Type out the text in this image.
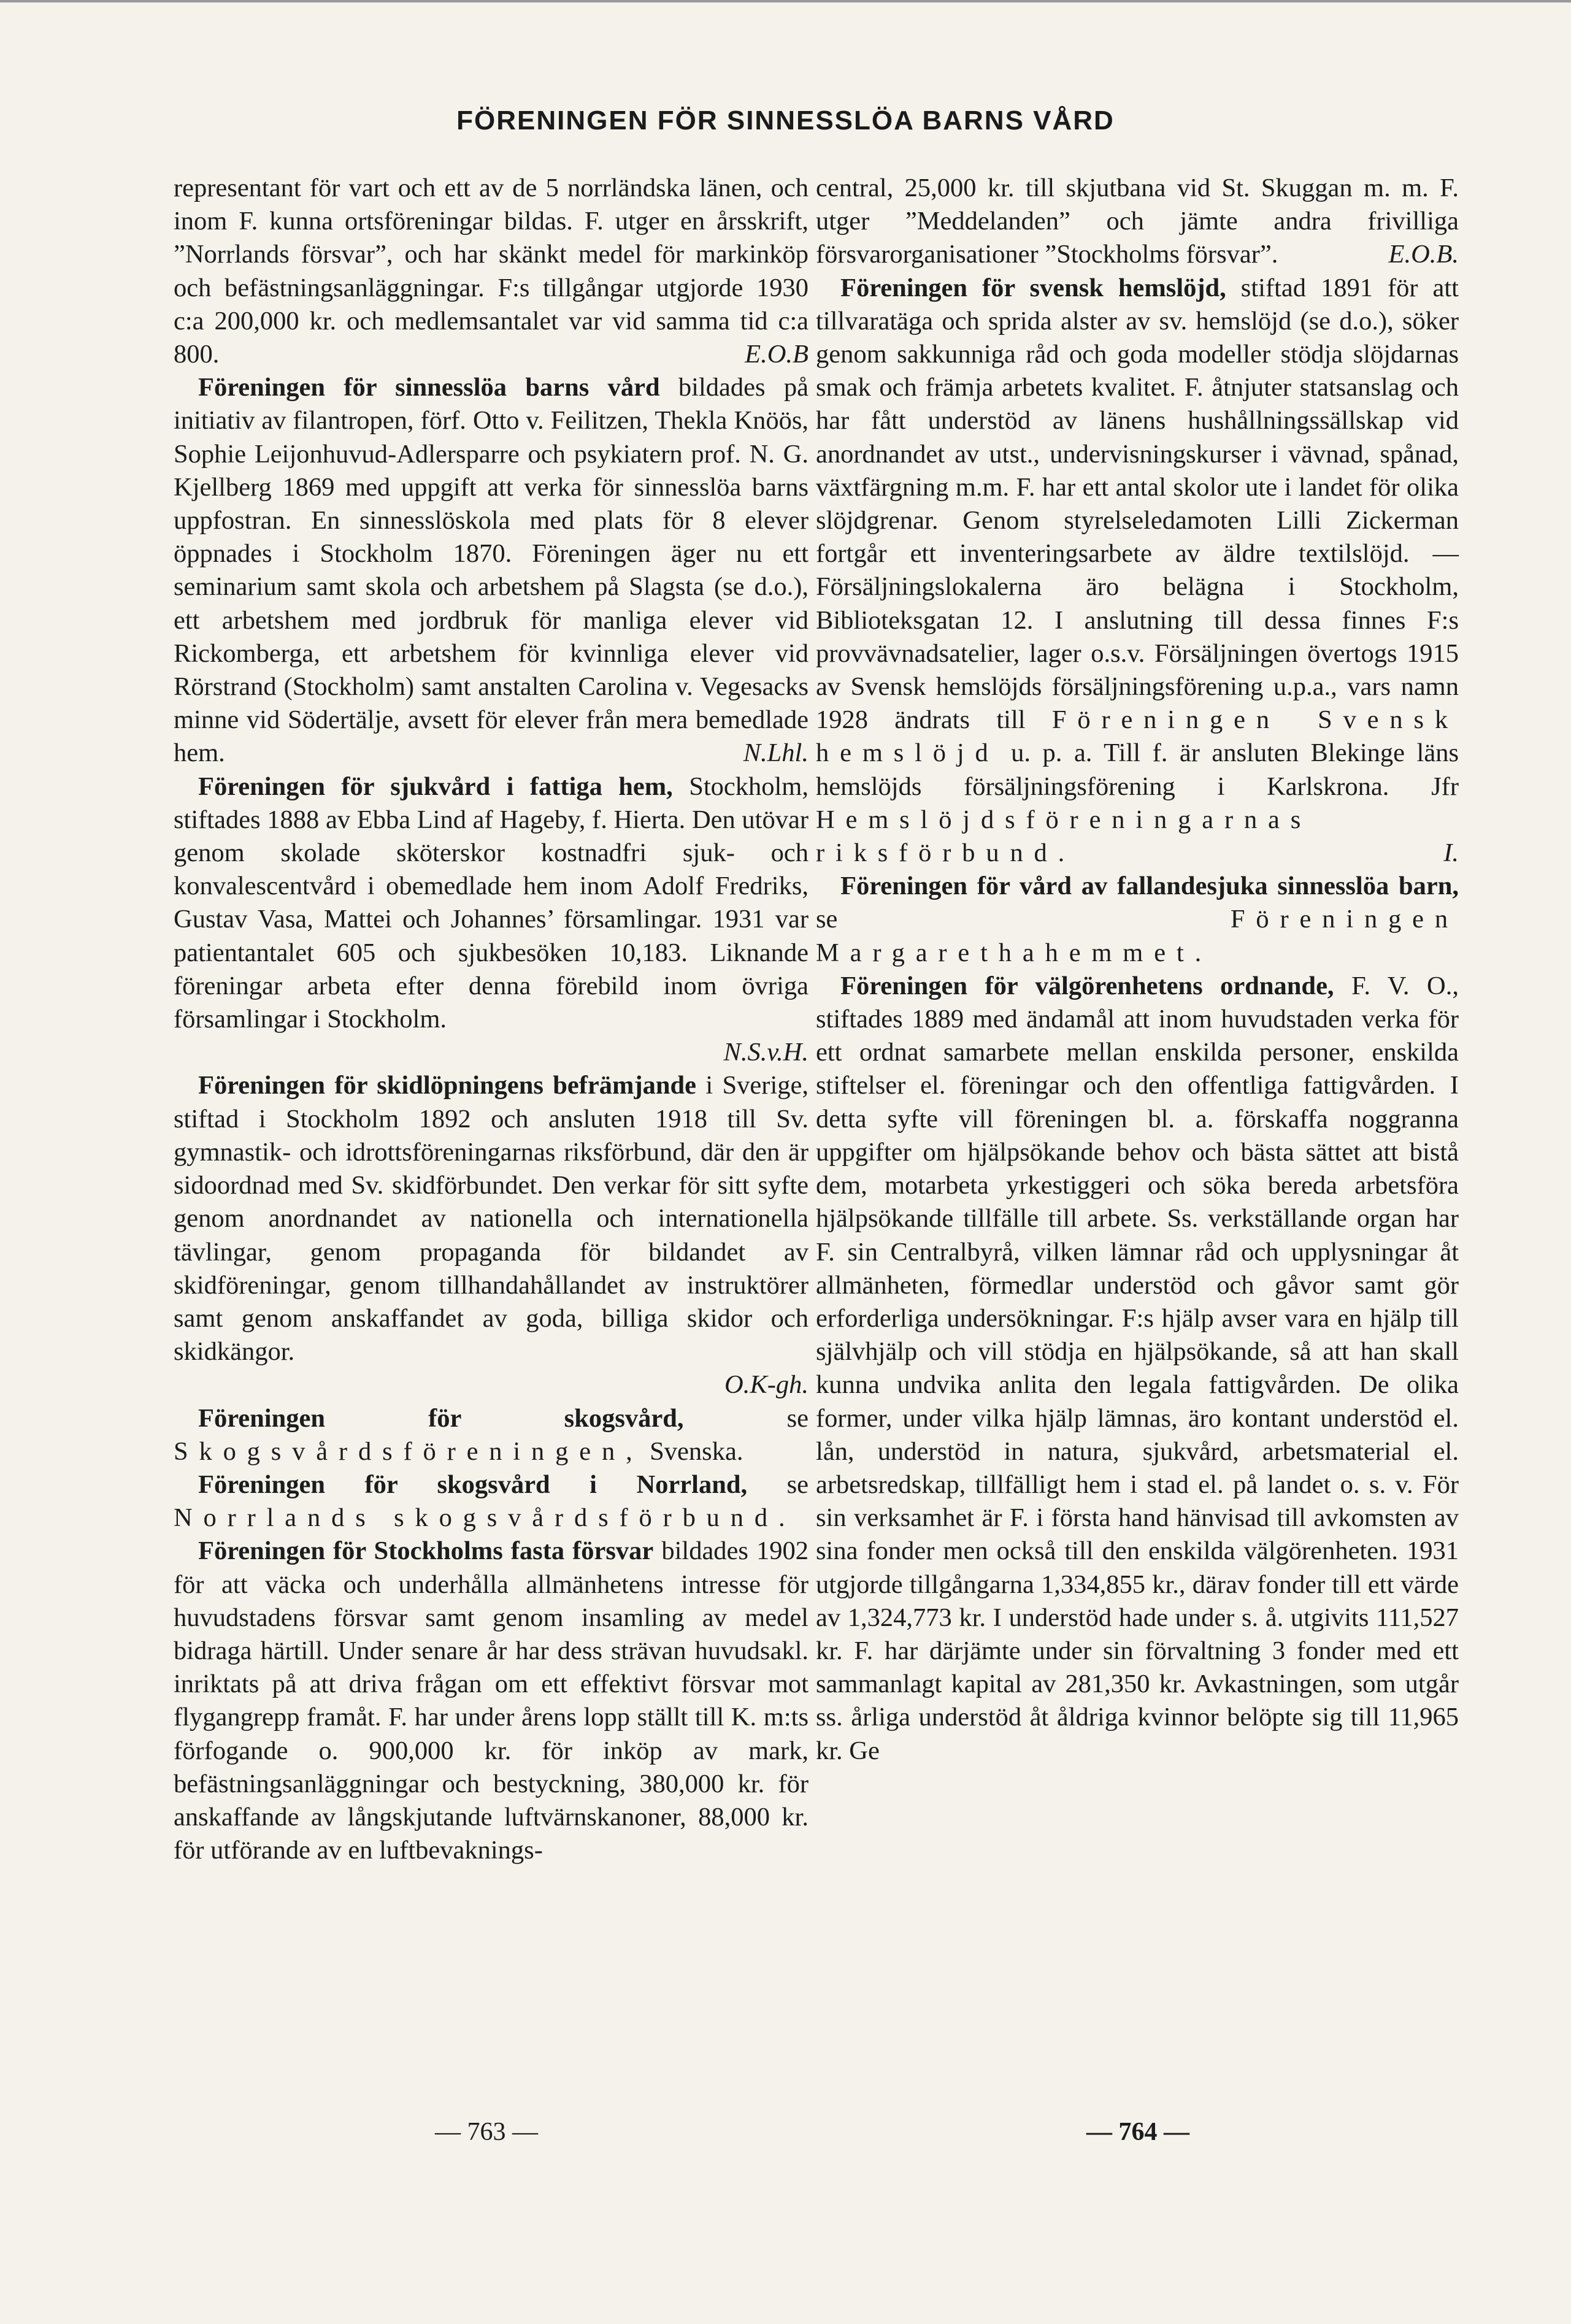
FÖRENINGEN FÖR SINNESSLÖA BARNS VÅRD

representant för vart och ett av de 5 norrländska länen, och inom F. kunna ortsföreningar bildas. F. utger en årsskrift, ”Norrlands försvar”, och har skänkt medel för markinköp och befästningsanläggningar. F:s tillgångar utgjorde 1930 c:a 200,000 kr. och medlemsantalet var vid samma tid c:a 800.	E.O.B

Föreningen för sinnesslöa barns vård bildades på initiativ av filantropen, förf. Otto v. Feilitzen, Thekla Knöös, Sophie Leijonhuvud-Adlersparre och psykiatern prof. N. G. Kjellberg 1869 med uppgift att verka för sinnesslöa barns uppfostran. En sinnesslöskola med plats för 8 elever öppnades i Stockholm 1870. Föreningen äger nu ett seminarium samt skola och arbetshem på Slagsta (se d.o.), ett arbetshem med jordbruk för manliga elever vid Rickomberga, ett arbetshem för kvinnliga elever vid Rörstrand (Stockholm) samt anstalten Carolina v. Vegesacks minne vid Södertälje, avsett för elever från mera bemedlade hem.	N.Lhl.

Föreningen för sjukvård i fattiga hem, Stockholm, stiftades 1888 av Ebba Lind af Hageby, f. Hierta. Den utövar genom skolade sköterskor kostnadfri sjuk- och konvalescentvård i obemedlade hem inom Adolf Fredriks, Gustav Vasa, Mattei och Johannes’ församlingar. 1931 var patientantalet 605 och sjukbesöken 10,183. Liknande föreningar arbeta efter denna förebild inom övriga församlingar i Stockholm.
N.S.v.H.

Föreningen för skidlöpningens befrämjande i Sverige, stiftad i Stockholm 1892 och ansluten 1918 till Sv. gymnastik- och idrottsföreningarnas riksförbund, där den är sidoordnad med Sv. skidförbundet. Den verkar för sitt syfte genom anordnandet av nationella och internationella tävlingar, genom propaganda för bildandet av skidföreningar, genom tillhandahållandet av instruktörer samt genom anskaffandet av goda, billiga skidor och skidkängor.
O.K-gh.

Föreningen för skogsvård, se Skogsvårdsföreningen, Svenska.

Föreningen för skogsvård i Norrland, se Norrlands skogsvårdsförbund.

Föreningen för Stockholms fasta försvar bildades 1902 för att väcka och underhålla allmänhetens intresse för huvudstadens försvar samt genom insamling av medel bidraga härtill. Under senare år har dess strävan huvudsakl. inriktats på att driva frågan om ett effektivt försvar mot flygangrepp framåt. F. har under årens lopp ställt till K. m:ts förfogande o. 900,000 kr. för inköp av mark, befästningsanläggningar och bestyckning, 380,000 kr. för anskaffande av långskjutande luftvärnskanoner, 88,000 kr. för utförande av en luftbevaknings-

central, 25,000 kr. till skjutbana vid St. Skuggan m. m. F. utger ”Meddelanden” och jämte andra frivilliga försvarorganisationer ”Stockholms försvar”.	E.O.B.

Föreningen för svensk hemslöjd, stiftad 1891 för att tillvaratäga och sprida alster av sv. hemslöjd (se d.o.), söker genom sakkunniga råd och goda modeller stödja slöjdarnas smak och främja arbetets kvalitet. F. åtnjuter statsanslag och har fått understöd av länens hushållningssällskap vid anordnandet av utst., undervisningskurser i vävnad, spånad, växtfärgning m.m. F. har ett antal skolor ute i landet för olika slöjdgrenar. Genom styrelseledamoten Lilli Zickerman fortgår ett inventeringsarbete av äldre textilslöjd. — Försäljningslokalerna äro belägna i Stockholm, Biblioteksgatan 12. I anslutning till dessa finnes F:s provvävnadsatelier, lager o.s.v. Försäljningen övertogs 1915 av Svensk hemslöjds försäljningsförening u.p.a., vars namn 1928 ändrats till Föreningen Svensk hemslöjd u. p. a. Till f. är ansluten Blekinge läns hemslöjds försäljningsförening i Karlskrona. Jfr Hemslöjdsföreningarnas riksförbund.	I.

Föreningen för vård av fallandesjuka sinnesslöa barn, se Föreningen Margarethahemmet.

Föreningen för välgörenhetens ordnande, F. V. O., stiftades 1889 med ändamål att inom huvudstaden verka för ett ordnat samarbete mellan enskilda personer, enskilda stiftelser el. föreningar och den offentliga fattigvården. I detta syfte vill föreningen bl. a. förskaffa noggranna uppgifter om hjälpsökande behov och bästa sättet att bistå dem, motarbeta yrkestiggeri och söka bereda arbetsföra hjälpsökande tillfälle till arbete. Ss. verkställande organ har F. sin Centralbyrå, vilken lämnar råd och upplysningar åt allmänheten, förmedlar understöd och gåvor samt gör erforderliga undersökningar. F:s hjälp avser vara en hjälp till självhjälp och vill stödja en hjälpsökande, så att han skall kunna undvika anlita den legala fattigvården. De olika former, under vilka hjälp lämnas, äro kontant understöd el. lån, understöd in natura, sjukvård, arbetsmaterial el. arbetsredskap, tillfälligt hem i stad el. på landet o. s. v. För sin verksamhet är F. i första hand hänvisad till avkomsten av sina fonder men också till den enskilda välgörenheten. 1931 utgjorde tillgångarna 1,334,855 kr., därav fonder till ett värde av 1,324,773 kr. I understöd hade under s. å. utgivits 111,527 kr. F. har därjämte under sin förvaltning 3 fonder med ett sammanlagt kapital av 281,350 kr. Avkastningen, som utgår ss. årliga understöd åt åldriga kvinnor belöpte sig till 11,965 kr. Ge

— 763 —	— 764 —
